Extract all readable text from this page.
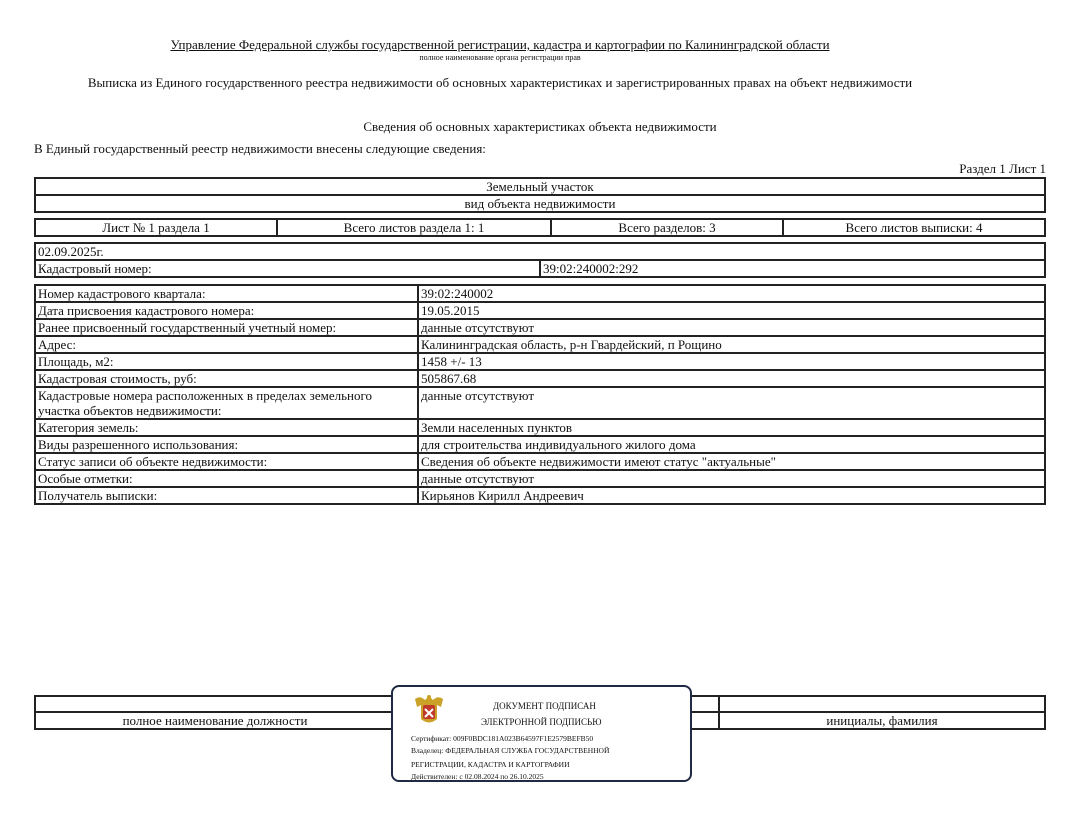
Управление Федеральной службы государственной регистрации, кадастра и картографии по Калининградской области
полное наименование органа регистрации прав
Выписка из Единого государственного реестра недвижимости об основных характеристиках и зарегистрированных правах на объект недвижимости
Сведения об основных характеристиках объекта недвижимости
В Единый государственный реестр недвижимости внесены следующие сведения:
Раздел 1 Лист 1
Земельный участок
вид объекта недвижимости
Лист № 1 раздела 1	Всего листов раздела 1: 1	Всего разделов: 3	Всего листов выписки: 4
02.09.2025г.
Кадастровый номер:	39:02:240002:292
Номер кадастрового квартала:	39:02:240002
Дата присвоения кадастрового номера:	19.05.2015
Ранее присвоенный государственный учетный номер:	данные отсутствуют
Адрес:	Калининградская область, р-н Гвардейский, п Рощино
Площадь, м2:	1458 +/- 13
Кадастровая стоимость, руб:	505867.68
Кадастровые номера расположенных в пределах земельного участка объектов недвижимости:	данные отсутствуют
Категория земель:	Земли населенных пунктов
Виды разрешенного использования:	для строительства индивидуального жилого дома
Статус записи об объекте недвижимости:	Сведения об объекте недвижимости имеют статус "актуальные"
Особые отметки:	данные отсутствуют
Получатель выписки:	Кирьянов Кирилл Андреевич

полное наименование должности		инициалы, фамилия
ДОКУМЕНТ ПОДПИСАН
ЭЛЕКТРОННОЙ ПОДПИСЬЮ
Сертификат: 009F0BDC181A023B64597F1E2579BEFB50
Владелец: ФЕДЕРАЛЬНАЯ СЛУЖБА ГОСУДАРСТВЕННОЙ
РЕГИСТРАЦИИ, КАДАСТРА И КАРТОГРАФИИ
Действителен: с 02.08.2024 по 26.10.2025
